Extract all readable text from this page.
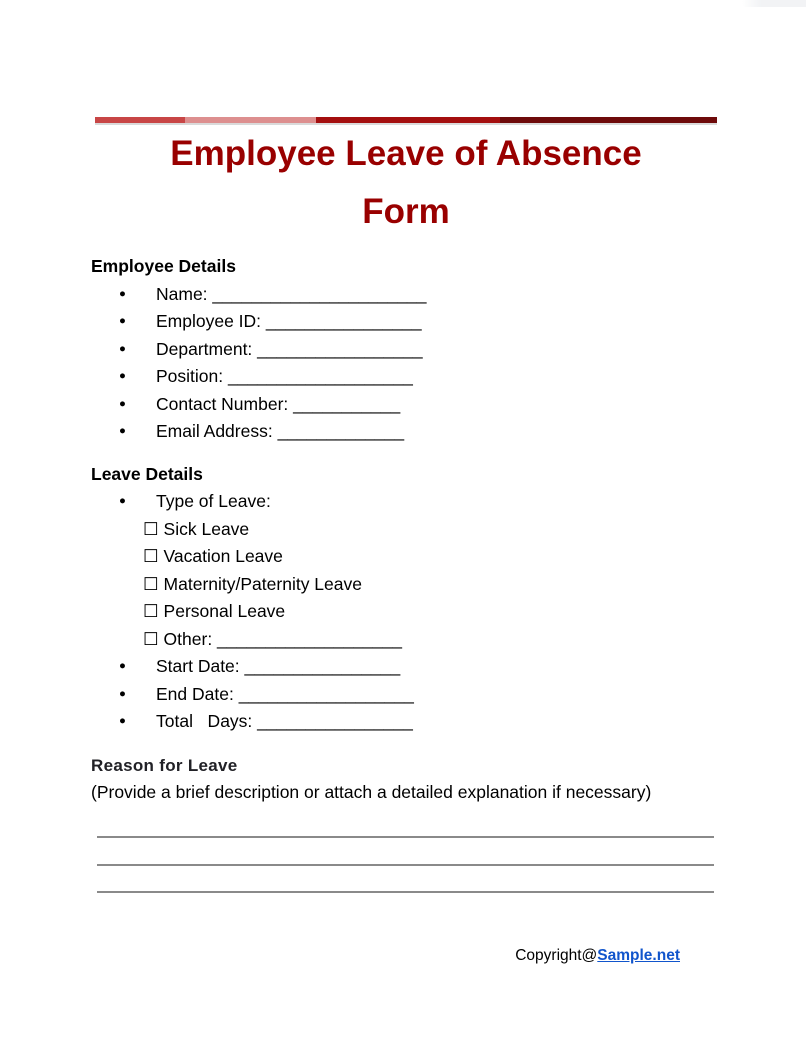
Employee Leave of Absence
Form
Employee Details
● Name: ______________________
● Employee ID: ________________
● Department: _________________
● Position: ___________________
● Contact Number: ___________
● Email Address: _____________
Leave Details
● Type of Leave:
☐ Sick Leave
☐ Vacation Leave
☐ Maternity/Paternity Leave
☐ Personal Leave
☐ Other: ___________________
● Start Date: ________________
● End Date: __________________
● Total   Days: ________________
Reason for Leave
(Provide a brief description or attach a detailed explanation if necessary)
Copyright@Sample.net
